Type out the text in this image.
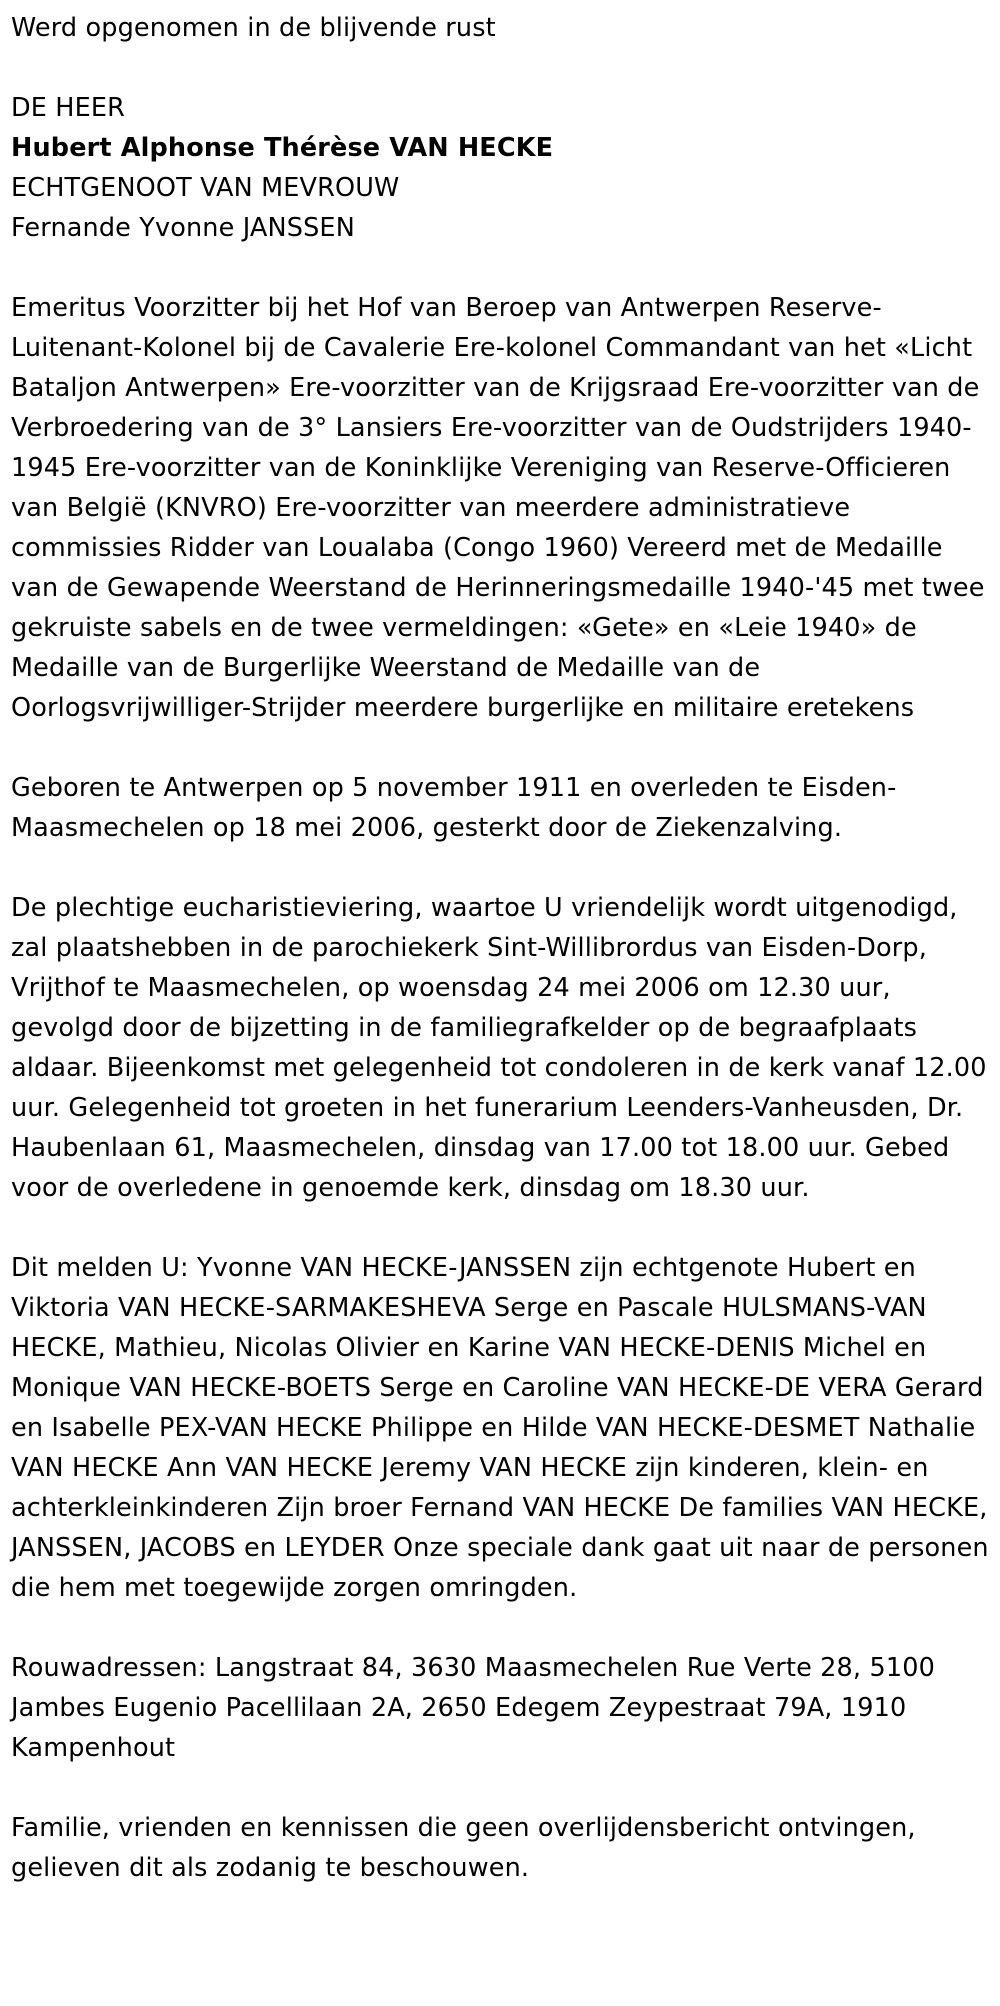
Werd opgenomen in de blijvende rust

DE HEER

Hubert Alphonse Thérèse VAN HECKE

ECHTGENOOT VAN MEVROUW

Fernande Yvonne JANSSEN

Emeritus Voorzitter bij het Hof van Beroep van Antwerpen Reserve-Luitenant-Kolonel bij de Cavalerie Ere-kolonel Commandant van het «Licht Bataljon Antwerpen» Ere-voorzitter van de Krijgsraad Ere-voorzitter van de Verbroedering van de 3° Lansiers Ere-voorzitter van de Oudstrijders 1940-1945 Ere-voorzitter van de Koninklijke Vereniging van Reserve-Officieren van België (KNVRO) Ere-voorzitter van meerdere administratieve commissies Ridder van Loualaba (Congo 1960) Vereerd met de Medaille van de Gewapende Weerstand de Herinneringsmedaille 1940-'45 met twee gekruiste sabels en de twee vermeldingen: «Gete» en «Leie 1940» de Medaille van de Burgerlijke Weerstand de Medaille van de Oorlogsvrijwilliger-Strijder meerdere burgerlijke en militaire eretekens

Geboren te Antwerpen op 5 november 1911 en overleden te Eisden-Maasmechelen op 18 mei 2006, gesterkt door de Ziekenzalving.

De plechtige eucharistieviering, waartoe U vriendelijk wordt uitgenodigd, zal plaatshebben in de parochiekerk Sint-Willibrordus van Eisden-Dorp, Vrijthof te Maasmechelen, op woensdag 24 mei 2006 om 12.30 uur, gevolgd door de bijzetting in de familiegrafkelder op de begraafplaats aldaar. Bijeenkomst met gelegenheid tot condoleren in de kerk vanaf 12.00 uur. Gelegenheid tot groeten in het funerarium Leenders-Vanheusden, Dr. Haubenlaan 61, Maasmechelen, dinsdag van 17.00 tot 18.00 uur. Gebed voor de overledene in genoemde kerk, dinsdag om 18.30 uur.

Dit melden U: Yvonne VAN HECKE-JANSSEN zijn echtgenote Hubert en Viktoria VAN HECKE-SARMAKESHEVA Serge en Pascale HULSMANS-VAN HECKE, Mathieu, Nicolas Olivier en Karine VAN HECKE-DENIS Michel en Monique VAN HECKE-BOETS Serge en Caroline VAN HECKE-DE VERA Gerard en Isabelle PEX-VAN HECKE Philippe en Hilde VAN HECKE-DESMET Nathalie VAN HECKE Ann VAN HECKE Jeremy VAN HECKE zijn kinderen, klein- en achterkleinkinderen Zijn broer Fernand VAN HECKE De families VAN HECKE, JANSSEN, JACOBS en LEYDER Onze speciale dank gaat uit naar de personen die hem met toegewijde zorgen omringden.

Rouwadressen: Langstraat 84, 3630 Maasmechelen Rue Verte 28, 5100 Jambes Eugenio Pacellilaan 2A, 2650 Edegem Zeypestraat 79A, 1910 Kampenhout

Familie, vrienden en kennissen die geen overlijdensbericht ontvingen, gelieven dit als zodanig te beschouwen.
